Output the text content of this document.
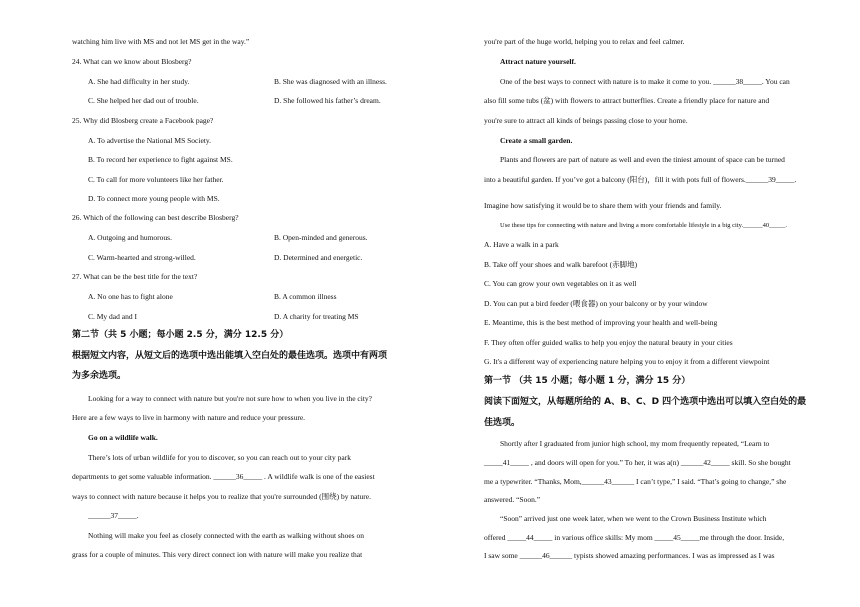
watching him live with MS and not let MS get in the way.”
24. What can we know about Blosberg?
A. She had difficulty in her study.	B. She was diagnosed with an illness.
C. She helped her dad out of trouble.	D. She followed his father’s dream.
25. Why did Blosberg create a Facebook page?
A. To advertise the National MS Society.
B. To record her experience to fight against MS.
C. To call for more volunteers like her father.
D. To connect more young people with MS.
26. Which of the following can best describe Blosberg?
A. Outgoing and humorous.	B. Open-minded and generous.
C. Warm-hearted and strong-willed.	D. Determined and energetic.
27. What can be the best title for the text?
A. No one has to fight alone	B. A common illness
C. My dad and I	D. A charity for treating MS
第二节（共 5 小题；每小题 2.5 分，满分 12.5 分）
根据短文内容，从短文后的选项中选出能填入空白处的最佳选项。选项中有两项
为多余选项。
Looking for a way to connect with nature but you're not sure how to when you live in the city?
Here are a few ways to live in harmony with nature and reduce your pressure.
Go on a wildlife walk.
There’s lots of urban wildlife for you to discover, so you can reach out to your city park
departments to get some valuable information. ______36_____ . A wildlife walk is one of the easiest
ways to connect with nature because it helps you to realize that you're surrounded (围绕) by nature.
______37_____.
Nothing will make you feel as closely connected with the earth as walking without shoes on
grass for a couple of minutes. This very direct connect ion with nature will make you realize that
you're part of the huge world, helping you to relax and feel calmer.
Attract nature yourself.
One of the best ways to connect with nature is to make it come to you. ______38_____. You can
also fill some tubs (盆) with flowers to attract butterflies. Create a friendly place for nature and
you're sure to attract all kinds of beings passing close to your home.
Create a small garden.
Plants and flowers are part of nature as well and even the tiniest amount of space can be turned
into a beautiful garden. If you’ve got a balcony (阳台)，fill it with pots full of flowers.______39_____.
Imagine how satisfying it would be to share them with your friends and family.
Use these tips for connecting with nature and living a more comfortable lifestyle in a big city.______40_____.
A. Have a walk in a park
B. Take off your shoes and walk barefoot (赤脚地)
C. You can grow your own vegetables on it as well
D. You can put a bird feeder (喂食器) on your balcony or by your window
E. Meantime, this is the best method of improving your health and well-being
F. They often offer guided walks to help you enjoy the natural beauty in your cities
G. It's a different way of experiencing nature helping you to enjoy it from a different viewpoint
第一节 （共 15 小题；每小题 1 分，满分 15 分）
阅读下面短文，从每题所给的 A、B、C、D 四个选项中选出可以填入空白处的最
佳选项。
Shortly after I graduated from junior high school, my mom frequently repeated, “Learn to
_____41_____ , and doors will open for you.” To her, it was a(n) ______42_____ skill. So she bought
me a typewriter. “Thanks, Mom,______43______ I can’t type,” I said. “That’s going to change,” she
answered. “Soon.”
“Soon” arrived just one week later, when we went to the Crown Business Institute which
offered _____44_____ in various office skills: My mom _____45_____me through the door. Inside,
I saw some ______46______ typists showed amazing performances. I was as impressed as I was
